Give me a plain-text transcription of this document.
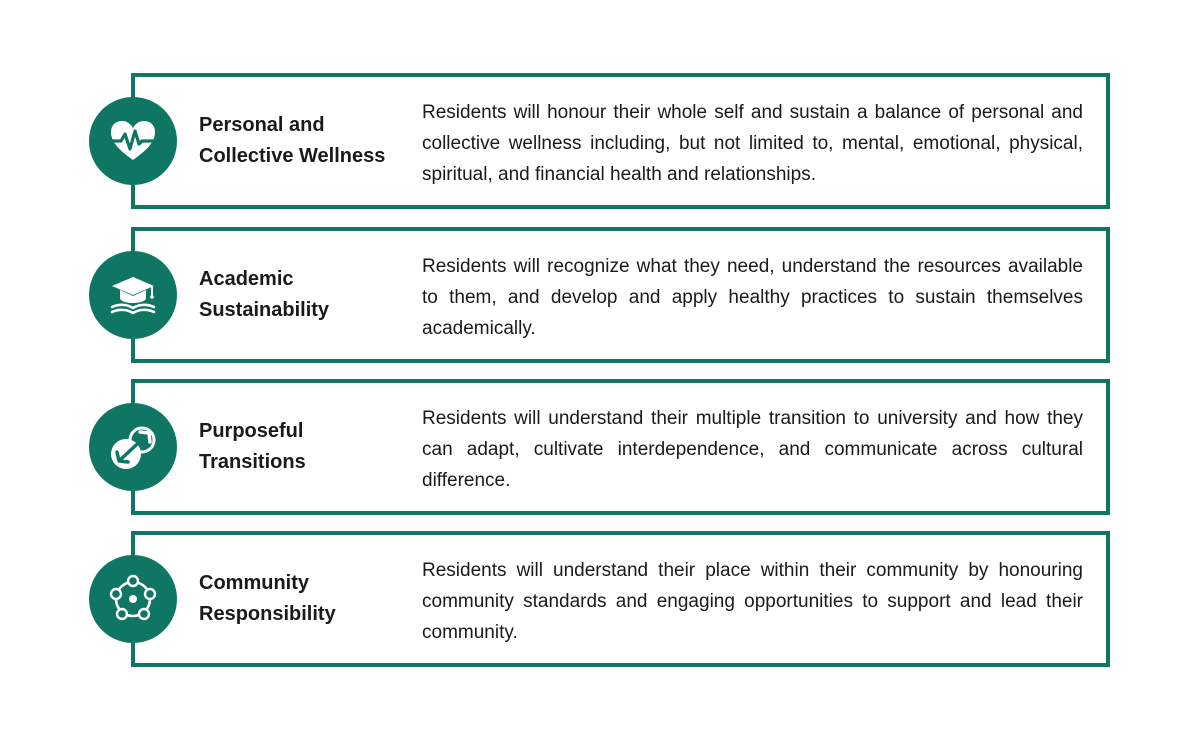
Personal and
Collective Wellness
Residents will honour their whole self and sustain a balance of personal and collective wellness including, but not limited to, mental, emotional, physical, spiritual, and financial health and relationships.
Academic
Sustainability
Residents will recognize what they need, understand the resources available to them, and develop and apply healthy practices to sustain themselves academically.
Purposeful
Transitions
Residents will understand their multiple transition to university and how they can adapt, cultivate interdependence, and communicate across cultural difference.
Community
Responsibility
Residents will understand their place within their community by honouring community standards and engaging opportunities to support and lead their community.
